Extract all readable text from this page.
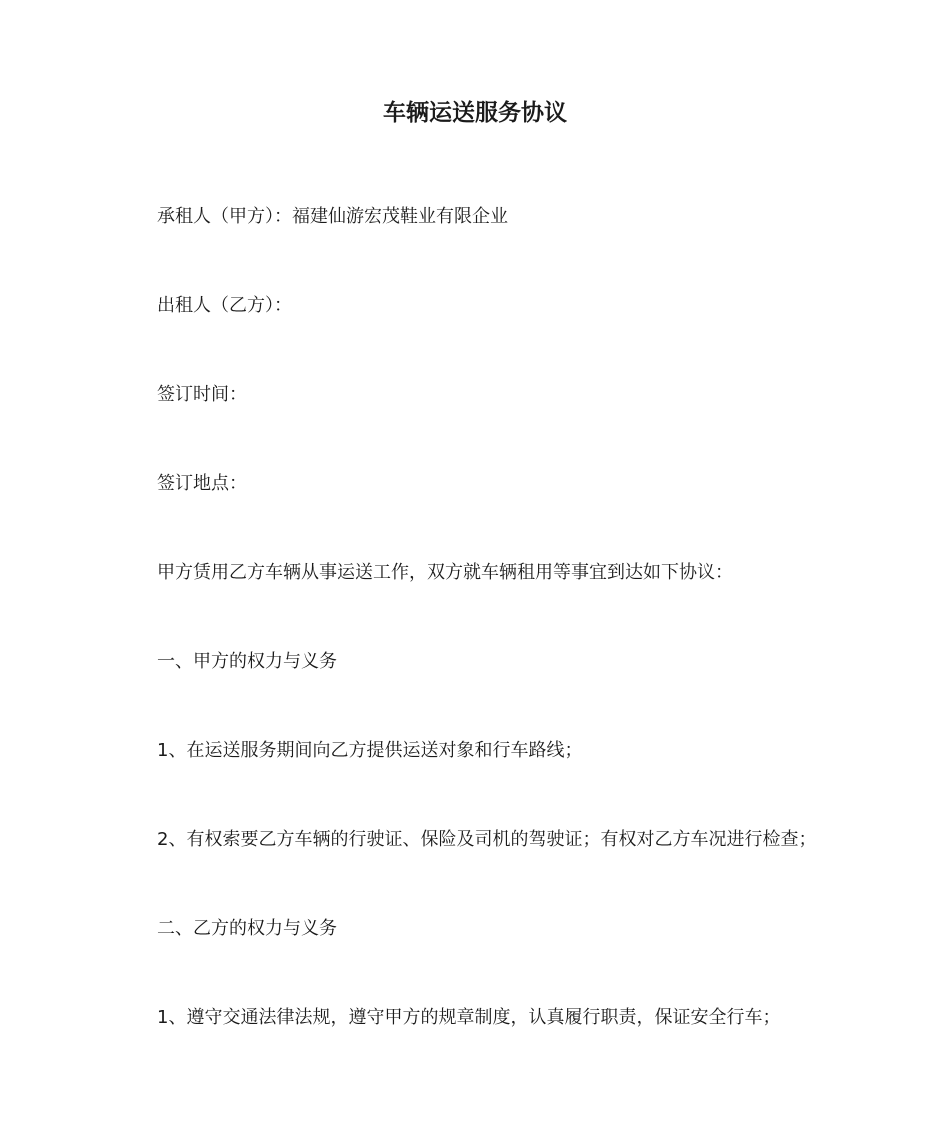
车辆运送服务协议
承租人（甲方）：福建仙游宏茂鞋业有限企业
出租人（乙方）：
签订时间：
签订地点：
甲方赁用乙方车辆从事运送工作，双方就车辆租用等事宜到达如下协议：
一、甲方的权力与义务
1、在运送服务期间向乙方提供运送对象和行车路线；
2、有权索要乙方车辆的行驶证、保险及司机的驾驶证；有权对乙方车况进行检查；
二、乙方的权力与义务
1、遵守交通法律法规，遵守甲方的规章制度，认真履行职责，保证安全行车；
